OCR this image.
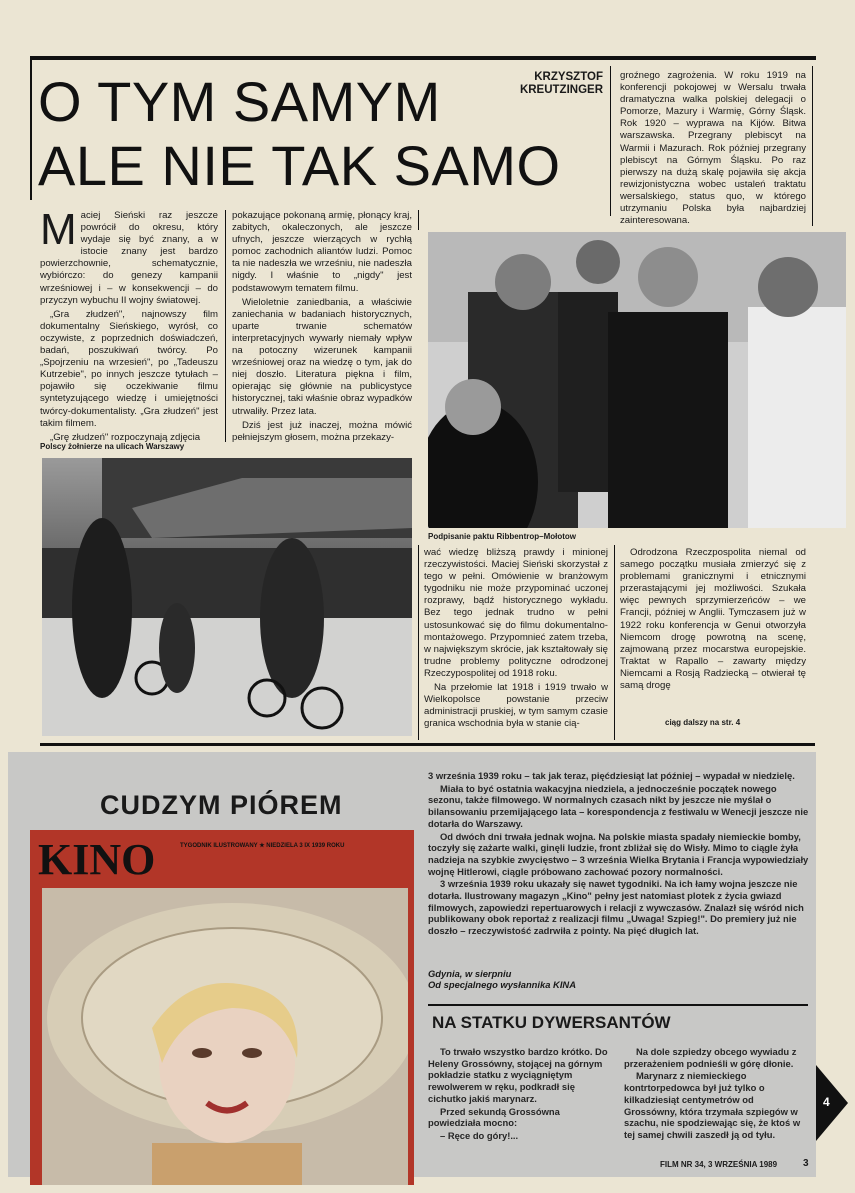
O TYM SAMYM
ALE NIE TAK SAMO
KRZYSZTOF
KREUTZINGER

groźnego zagrożenia. W roku 1919 na konferencji pokojowej w Wersalu trwała dramatyczna walka polskiej delegacji o Pomorze, Mazury i Warmię, Górny Śląsk. Rok 1920 – wyprawa na Kijów. Bitwa warszawska. Przegrany plebiscyt na Warmii i Mazurach. Rok później przegrany plebiscyt na Górnym Śląsku. Po raz pierwszy na dużą skalę pojawiła się akcja rewizjonistyczna wobec ustaleń traktatu wersalskiego, status quo, w którego utrzymaniu Polska była najbardziej zainteresowana.

Maciej Sieński raz jeszcze powrócił do okresu, który wydaje się być znany, a w istocie znany jest bardzo powierzchownie, schematycznie, wybiórczo: do genezy kampanii wrześniowej i – w konsekwencji – do przyczyn wybuchu II wojny światowej.

„Gra złudzeń", najnowszy film dokumentalny Sieńskiego, wyrósł, co oczywiste, z poprzednich doświadczeń, badań, poszukiwań twórcy. Po „Spojrzeniu na wrzesień", po „Tadeuszu Kutrzebie", po innych jeszcze tytułach – pojawiło się oczekiwanie filmu syntetyzującego wiedzę i umiejętności twórcy-dokumentalisty. „Gra złudzeń" jest takim filmem.

„Grę złudzeń" rozpoczynają zdjęcia

pokazujące pokonaną armię, płonący kraj, zabitych, okaleczonych, ale jeszcze ufnych, jeszcze wierzących w rychłą pomoc zachodnich aliantów ludzi. Pomoc ta nie nadeszła we wrześniu, nie nadeszła nigdy. I właśnie to „nigdy" jest podstawowym tematem filmu.

Wieloletnie zaniedbania, a właściwie zaniechania w badaniach historycznych, uparte trwanie schematów interpretacyjnych wywarły niemały wpływ na potoczny wizerunek kampanii wrześniowej oraz na wiedzę o tym, jak do niej doszło. Literatura piękna i film, opierając się głównie na publicystyce historycznej, taki właśnie obraz wypadków utrwaliły. Przez lata.

Dziś jest już inaczej, można mówić pełniejszym głosem, można przekazy-

Polscy żołnierze na ulicach Warszawy
Podpisanie paktu Ribbentrop–Mołotow

wać wiedzę bliższą prawdy i minionej rzeczywistości. Maciej Sieński skorzystał z tego w pełni. Omówienie w branżowym tygodniku nie może przypominać uczonej rozprawy, bądź historycznego wykładu. Bez tego jednak trudno w pełni ustosunkować się do filmu dokumentalno-montażowego. Przypomnieć zatem trzeba, w największym skrócie, jak kształtowały się trudne problemy polityczne odrodzonej Rzeczypospolitej od 1918 roku.

Na przełomie lat 1918 i 1919 trwało w Wielkopolsce powstanie przeciw administracji pruskiej, w tym samym czasie granica wschodnia była w stanie cią-

Odrodzona Rzeczpospolita niemal od samego początku musiała zmierzyć się z problemami granicznymi i etnicznymi przerastającymi jej możliwości. Szukała więc pewnych sprzymierzeńców – we Francji, później w Anglii. Tymczasem już w 1922 roku konferencja w Genui otworzyła Niemcom drogę powrotną na scenę, zajmowaną przez mocarstwa europejskie. Traktat w Rapallo – zawarty między Niemcami a Rosją Radziecką – otwierał tę samą drogę

ciąg dalszy na str. 4
CUDZYM PIÓREM
KINO	TYGODNIK ILUSTROWANY ★ NIEDZIELA 3 IX 1939 ROKU

3 września 1939 roku – tak jak teraz, pięćdziesiąt lat później – wypadał w niedzielę.

Miała to być ostatnia wakacyjna niedziela, a jednocześnie początek nowego sezonu, także filmowego. W normalnych czasach nikt by jeszcze nie myślał o bilansowaniu przemijającego lata – korespondencja z festiwalu w Wenecji jeszcze nie dotarła do Warszawy.

Od dwóch dni trwała jednak wojna. Na polskie miasta spadały niemieckie bomby, toczyły się zażarte walki, ginęli ludzie, front zbliżał się do Wisły. Mimo to ciągle żyła nadzieja na szybkie zwycięstwo – 3 września Wielka Brytania i Francja wypowiedziały wojnę Hitlerowi, ciągle próbowano zachować pozory normalności.

3 września 1939 roku ukazały się nawet tygodniki. Na ich łamy wojna jeszcze nie dotarła. Ilustrowany magazyn „Kino" pełny jest natomiast plotek z życia gwiazd filmowych, zapowiedzi repertuarowych i relacji z wywczasów. Znalazł się wśród nich publikowany obok reportaż z realizacji filmu „Uwaga! Szpieg!". Do premiery już nie doszło – rzeczywistość zadrwiła z pointy. Na pięć długich lat.

Gdynia, w sierpniu
Od specjalnego wysłannika KINA
NA STATKU DYWERSANTÓW

To trwało wszystko bardzo krótko. Do Heleny Grossówny, stojącej na górnym pokładzie statku z wyciągniętym rewolwerem w ręku, podkradł się cichutko jakiś marynarz.

Przed sekundą Grossówna powiedziała mocno:

– Ręce do góry!...

Na dole szpiedzy obcego wywiadu z przerażeniem podnieśli w górę dłonie.

Marynarz z niemieckiego kontrtorpedowca był już tylko o kilkadziesiąt centymetrów od Grossówny, która trzymała szpiegów w szachu, nie spodziewając się, że ktoś w tej samej chwili zaszedł ją od tyłu.

4
FILM NR 34, 3 WRZEŚNIA 1989	3
